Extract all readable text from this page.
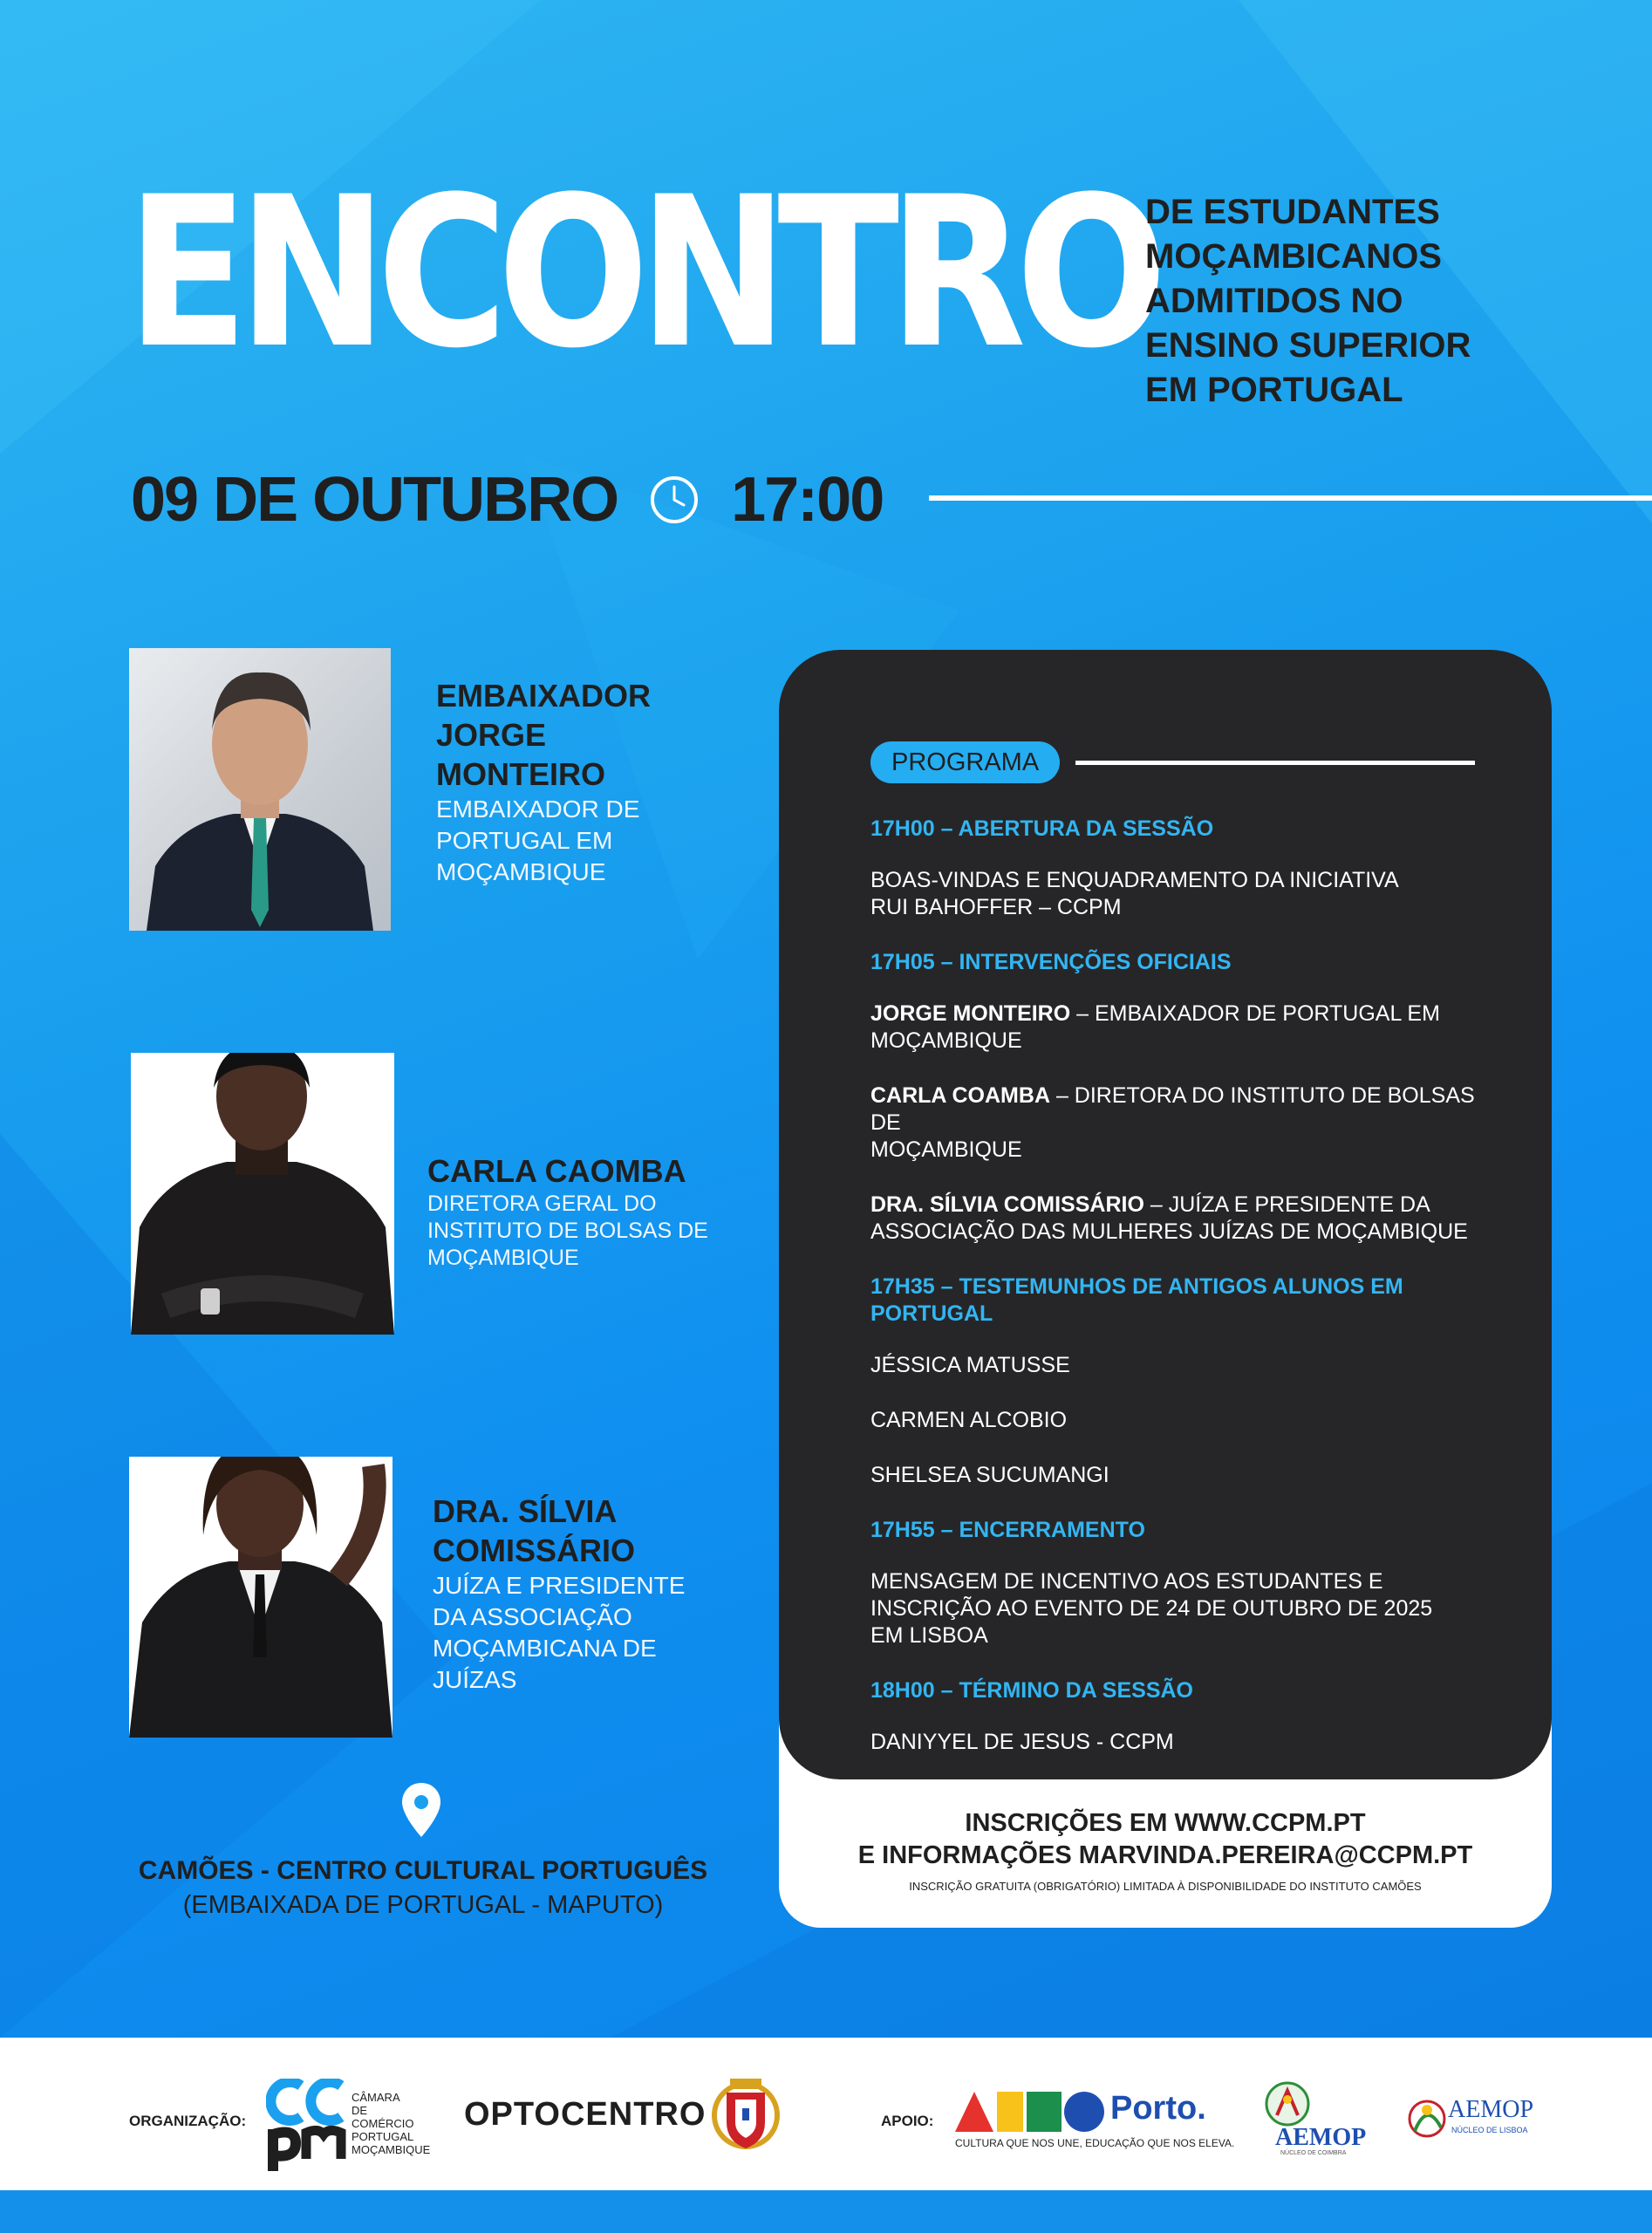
ENCONTRO
DE ESTUDANTES
MOÇAMBICANOS
ADMITIDOS NO
ENSINO SUPERIOR
EM PORTUGAL
09 DE OUTUBRO 17:00
EMBAIXADOR
JORGE
MONTEIRO
EMBAIXADOR DE
PORTUGAL EM
MOÇAMBIQUE
CARLA CAOMBA
DIRETORA GERAL DO
INSTITUTO DE BOLSAS DE
MOÇAMBIQUE
DRA. SÍLVIA
COMISSÁRIO
JUÍZA E PRESIDENTE
DA ASSOCIAÇÃO
MOÇAMBICANA DE
JUÍZAS
CAMÕES - CENTRO CULTURAL PORTUGUÊS
(EMBAIXADA DE PORTUGAL - MAPUTO)
PROGRAMA
17H00 – ABERTURA DA SESSÃO
BOAS-VINDAS E ENQUADRAMENTO DA INICIATIVA
RUI BAHOFFER – CCPM
17H05 – INTERVENÇÕES OFICIAIS
JORGE MONTEIRO – EMBAIXADOR DE PORTUGAL EM
MOÇAMBIQUE
CARLA COAMBA – DIRETORA DO INSTITUTO DE BOLSAS DE
MOÇAMBIQUE
DRA. SÍLVIA COMISSÁRIO – JUÍZA E PRESIDENTE DA
ASSOCIAÇÃO DAS MULHERES JUÍZAS DE MOÇAMBIQUE
17H35 – TESTEMUNHOS DE ANTIGOS ALUNOS EM
PORTUGAL
JÉSSICA MATUSSE
CARMEN ALCOBIO
SHELSEA SUCUMANGI
17H55 – ENCERRAMENTO
MENSAGEM DE INCENTIVO AOS ESTUDANTES E
INSCRIÇÃO AO EVENTO DE 24 DE OUTUBRO DE 2025
EM LISBOA
18H00 – TÉRMINO DA SESSÃO
DANIYYEL DE JESUS - CCPM
INSCRIÇÕES EM WWW.CCPM.PT
E INFORMAÇÕES MARVINDA.PEREIRA@CCPM.PT
INSCRIÇÃO GRATUITA (OBRIGATÓRIO) LIMITADA À DISPONIBILIDADE DO INSTITUTO CAMÕES
ORGANIZAÇÃO:
CÂMARA
DE COMÉRCIO
PORTUGAL
MOÇAMBIQUE
OPTOCENTRO	APOIO:	Porto.
CULTURA QUE NOS UNE, EDUCAÇÃO QUE NOS ELEVA. AEMOP
NÚCLEO DE COIMBRA
AEMOP
NÚCLEO DE LISBOA
